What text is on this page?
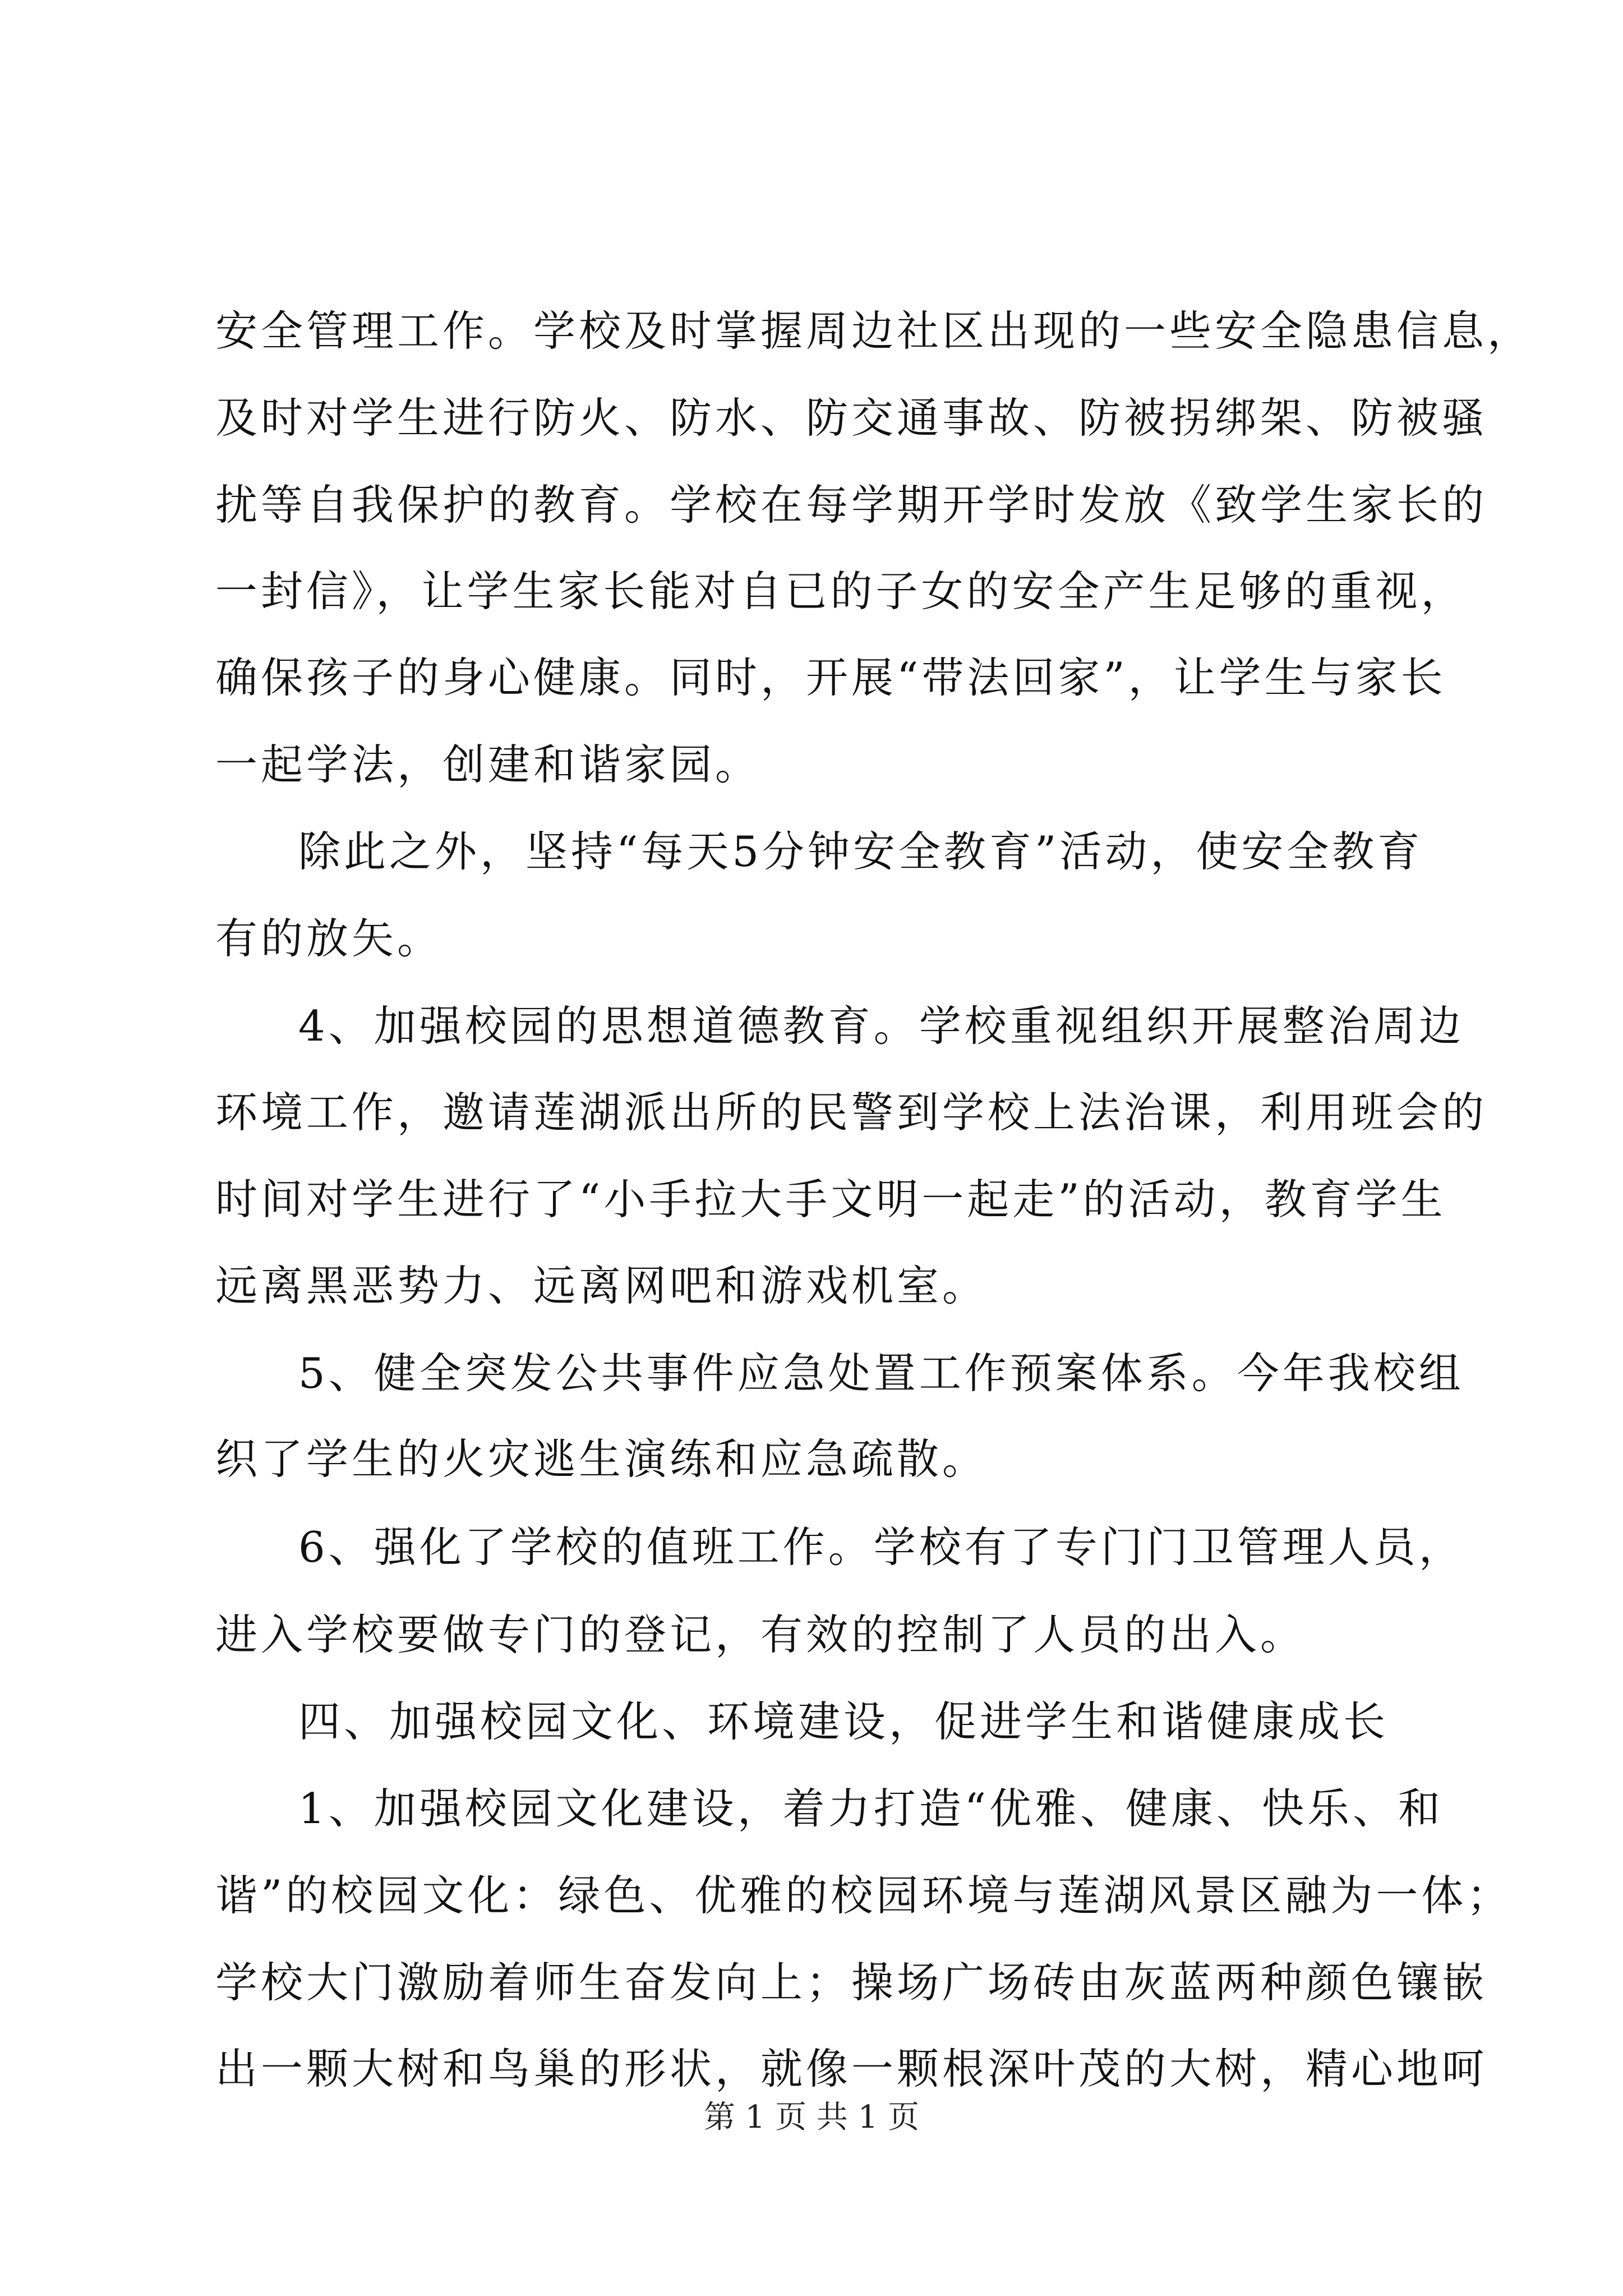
安全管理工作。学校及时掌握周边社区出现的一些安全隐患信息，
及时对学生进行防火、防水、防交通事故、防被拐绑架、防被骚
扰等自我保护的教育。学校在每学期开学时发放《致学生家长的
一封信》，让学生家长能对自已的子女的安全产生足够的重视，
确保孩子的身心健康。同时，开展“带法回家”，让学生与家长
一起学法，创建和谐家园。
除此之外，坚持“每天5分钟安全教育”活动，使安全教育
有的放矢。
4、加强校园的思想道德教育。学校重视组织开展整治周边
环境工作，邀请莲湖派出所的民警到学校上法治课，利用班会的
时间对学生进行了“小手拉大手文明一起走”的活动，教育学生
远离黑恶势力、远离网吧和游戏机室。
5、健全突发公共事件应急处置工作预案体系。今年我校组
织了学生的火灾逃生演练和应急疏散。
6、强化了学校的值班工作。学校有了专门门卫管理人员，
进入学校要做专门的登记，有效的控制了人员的出入。
四、加强校园文化、环境建设，促进学生和谐健康成长
1、加强校园文化建设，着力打造“优雅、健康、快乐、和
谐”的校园文化：绿色、优雅的校园环境与莲湖风景区融为一体；
学校大门激励着师生奋发向上；操场广场砖由灰蓝两种颜色镶嵌
出一颗大树和鸟巢的形状，就像一颗根深叶茂的大树，精心地呵
第 1 页 共 1 页
